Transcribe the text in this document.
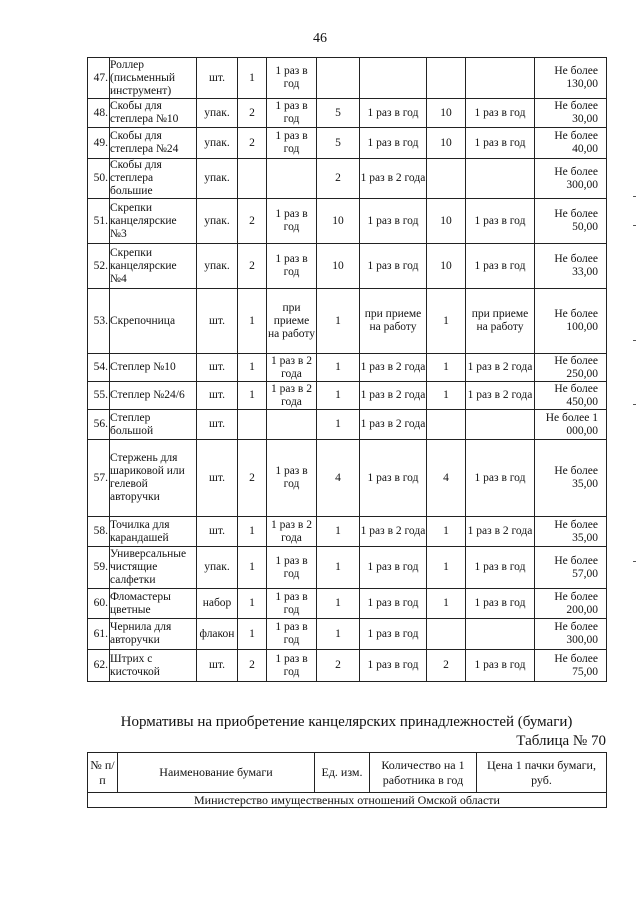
46
47.	Роллер (письменный инструмент)	шт.	1	1 раз в год					Не более 130,00
48.	Скобы для степлера №10	упак.	2	1 раз в год	5	1 раз в год	10	1 раз в год	Не более 30,00
49.	Скобы для степлера №24	упак.	2	1 раз в год	5	1 раз в год	10	1 раз в год	Не более 40,00
50.	Скобы для степлера большие	упак.			2	1 раз в 2 года			Не более 300,00
51.	Скрепки канцелярские №3	упак.	2	1 раз в год	10	1 раз в год	10	1 раз в год	Не более 50,00
52.	Скрепки канцелярские №4	упак.	2	1 раз в год	10	1 раз в год	10	1 раз в год	Не более 33,00
53.	Скрепочница	шт.	1	при приеме на работу	1	при приеме на работу	1	при приеме на работу	Не более 100,00
54.	Степлер №10	шт.	1	1 раз в 2 года	1	1 раз в 2 года	1	1 раз в 2 года	Не более 250,00
55.	Степлер №24/6	шт.	1	1 раз в 2 года	1	1 раз в 2 года	1	1 раз в 2 года	Не более 450,00
56.	Степлер большой	шт.			1	1 раз в 2 года			Не более 1 000,00
57.	Стержень для шариковой или гелевой авторучки	шт.	2	1 раз в год	4	1 раз в год	4	1 раз в год	Не более 35,00
58.	Точилка для карандашей	шт.	1	1 раз в 2 года	1	1 раз в 2 года	1	1 раз в 2 года	Не более 35,00
59.	Универсальные чистящие салфетки	упак.	1	1 раз в год	1	1 раз в год	1	1 раз в год	Не более 57,00
60.	Фломастеры цветные	набор	1	1 раз в год	1	1 раз в год	1	1 раз в год	Не более 200,00
61.	Чернила для авторучки	флакон	1	1 раз в год	1	1 раз в год			Не более 300,00
62.	Штрих с кисточкой	шт.	2	1 раз в год	2	1 раз в год	2	1 раз в год	Не более 75,00
Нормативы на приобретение канцелярских принадлежностей (бумаги)
Таблица № 70
№ п/п	Наименование бумаги	Ед. изм.	Количество на 1 работника в год	Цена 1 пачки бумаги, руб.
Министерство имущественных отношений Омской области
